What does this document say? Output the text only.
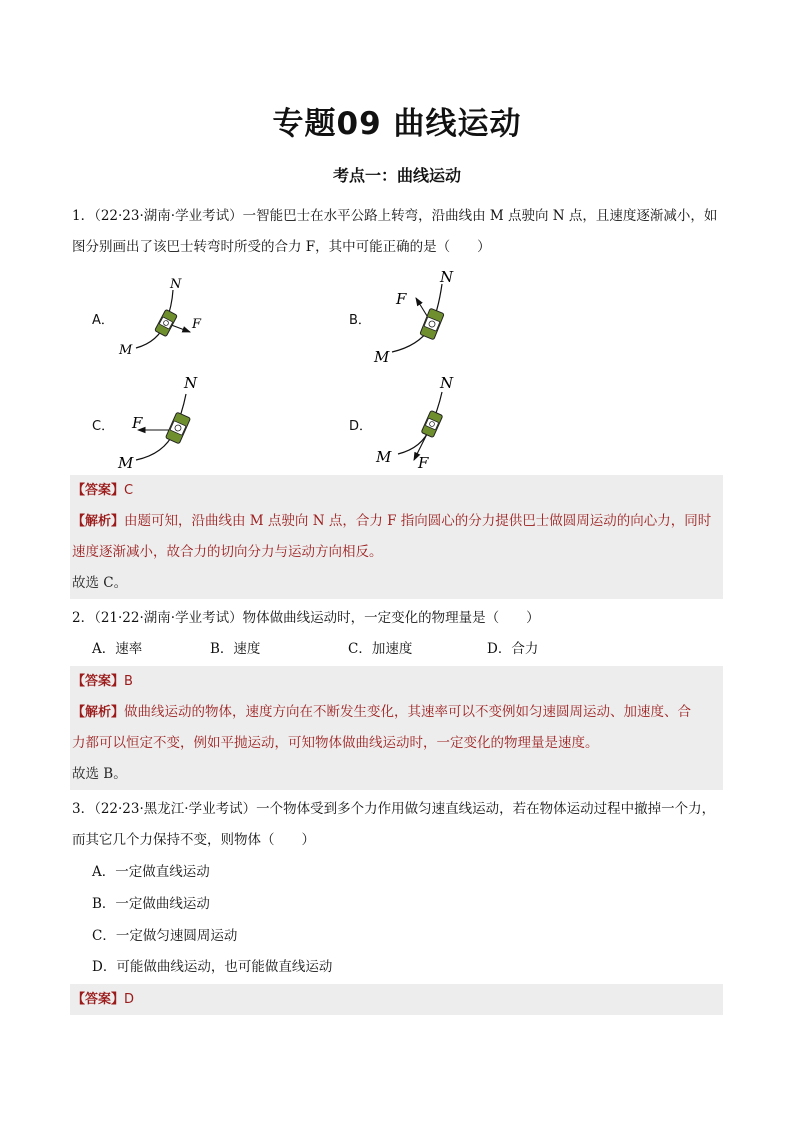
专题09 曲线运动
考点一：曲线运动
1．（22·23·湖南·学业考试）一智能巴士在水平公路上转弯，沿曲线由 M 点驶向 N 点，且速度逐渐减小，如
图分别画出了该巴士转弯时所受的合力 F，其中可能正确的是（　　）
A．	B．
C．	D．
N
M
F
N
M
F
N
M
F
N
M F
【答案】C
【解析】由题可知，沿曲线由 M 点驶向 N 点，合力 F 指向圆心的分力提供巴士做圆周运动的向心力，同时
速度逐渐减小，故合力的切向分力与运动方向相反。
故选 C。
2．（21·22·湖南·学业考试）物体做曲线运动时，一定变化的物理量是（　　）
A．速率	B．速度	C．加速度	D．合力
【答案】B
【解析】做曲线运动的物体，速度方向在不断发生变化，其速率可以不变例如匀速圆周运动、加速度、合
力都可以恒定不变，例如平抛运动，可知物体做曲线运动时，一定变化的物理量是速度。
故选 B。
3．（22·23·黑龙江·学业考试）一个物体受到多个力作用做匀速直线运动，若在物体运动过程中撤掉一个力，
而其它几个力保持不变，则物体（　　）
A．一定做直线运动
B．一定做曲线运动
C．一定做匀速圆周运动
D．可能做曲线运动，也可能做直线运动
【答案】D
